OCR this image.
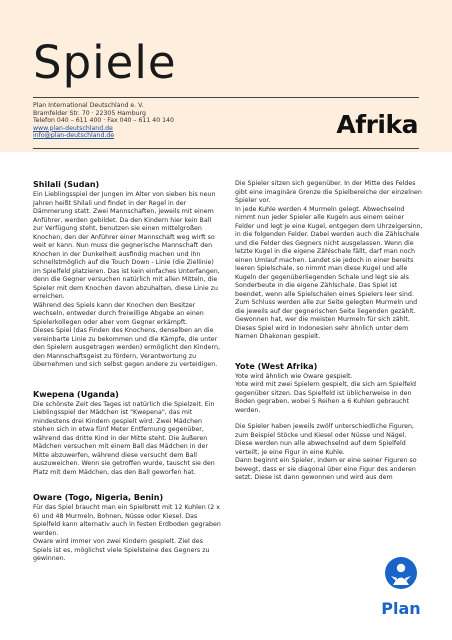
Spiele
Plan International Deutschland e. V.
Bramfelder Str. 70 · 22305 Hamburg
Telefon 040 – 611 400 · Fax 040 – 611 40 140
www.plan-deutschland.de
info@plan-deutschland.de	Afrika
Shilali (Sudan)

Ein Lieblingsspiel der Jungen im Alter von sieben bis neun Jahren heißt Shilali und findet in der Regel in der Dämmerung statt. Zwei Mannschaften, jeweils mit einem Anführer, werden gebildet. Da den Kindern hier kein Ball zur Verfügung steht, benutzen sie einen mittelgroßen Knochen, den der Anführer einer Mannschaft weg wirft so weit er kann. Nun muss die gegnerische Mannschaft den Knochen in der Dunkelheit ausfindig machen und ihn schnellstmöglich auf die Touch Down - Linie (die Ziellinie) im Spielfeld platzieren. Das ist kein einfaches Unterfangen, denn die Gegner versuchen natürlich mit allen Mitteln, die Spieler mit dem Knochen davon abzuhalten, diese Linie zu erreichen.

Während des Spiels kann der Knochen den Besitzer wechseln, entweder durch freiwillige Abgabe an einen Spielerkollegen oder aber vom Gegner erkämpft.

Dieses Spiel (das Finden des Knochens, denselben an die vereinbarte Linie zu bekommen und die Kämpfe, die unter den Spielern ausgetragen werden) ermöglicht den Kindern, den Mannschaftsgeist zu fördern, Verantwortung zu übernehmen und sich selbst gegen andere zu verteidigen.

Kwepena (Uganda)

Die schönste Zeit des Tages ist natürlich die Spielzeit. Ein Lieblingsspiel der Mädchen ist "Kwepena", das mit mindestens drei Kindern gespielt wird. Zwei Mädchen stehen sich in etwa fünf Meter Entfernung gegenüber, während das dritte Kind in der Mitte steht. Die äußeren Mädchen versuchen mit einem Ball das Mädchen in der Mitte abzuwerfen, während diese versucht dem Ball auszuweichen. Wenn sie getroffen wurde, tauscht sie den Platz mit dem Mädchen, das den Ball geworfen hat.

Oware (Togo, Nigeria, Benin)

Für das Spiel braucht man ein Spielbrett mit 12 Kuhlen (2 x 6) und 48 Murmeln, Bohnen, Nüsse oder Kiesel. Das Spielfeld kann alternativ auch in festen Erdboden gegraben werden.

Oware wird immer von zwei Kindern gespielt. Ziel des Spiels ist es, möglichst viele Spielsteine des Gegners zu gewinnen.

Die Spieler sitzen sich gegenüber. In der Mitte des Feldes gibt eine imaginäre Grenze die Spielbereiche der einzelnen Spieler vor.

In jede Kuhle werden 4 Murmeln gelegt. Abwechselnd nimmt nun jeder Spieler alle Kugeln aus einem seiner Felder und legt je eine Kugel, entgegen dem Uhrzeigersinn, in die folgenden Felder. Dabei werden auch die Zählschale und die Felder des Gegners nicht ausgelassen. Wenn die letzte Kugel in die eigene Zählschale fällt, darf man noch einen Umlauf machen. Landet sie jedoch in einer bereits leeren Spielschale, so nimmt man diese Kugel und alle Kugeln der gegenüberliegenden Schale und legt sie als Sonderbeute in die eigene Zählschale. Das Spiel ist beendet, wenn alle Spielschalen eines Spielers leer sind.

Zum Schluss werden alle zur Seite gelegten Murmeln und die jeweils auf der gegnerischen Seite liegenden gezählt. Gewonnen hat, wer die meisten Murmeln für sich zählt.

Dieses Spiel wird in Indonesien sehr ähnlich unter dem Namen Dhakonan gespielt.

Yote (West Afrika)

Yote wird ähnlich wie Oware gespielt.

Yote wird mit zwei Spielern gespielt, die sich am Spielfeld gegenüber sitzen. Das Spielfeld ist üblicherweise in den Boden gegraben, wobei 5 Reihen a 6 Kuhlen gebraucht werden.

Die Spieler haben jeweils zwölf unterschiedliche Figuren, zum Beispiel Stöcke und Kiesel oder Nüsse und Nägel. Diese werden nun alle abwechselnd auf dem Spielfeld verteilt, je eine Figur in eine Kuhle.

Dann beginnt ein Spieler, indem er eine seiner Figuren so bewegt, dass er sie diagonal über eine Figur des anderen setzt. Diese ist dann gewonnen und wird aus dem

Plan
